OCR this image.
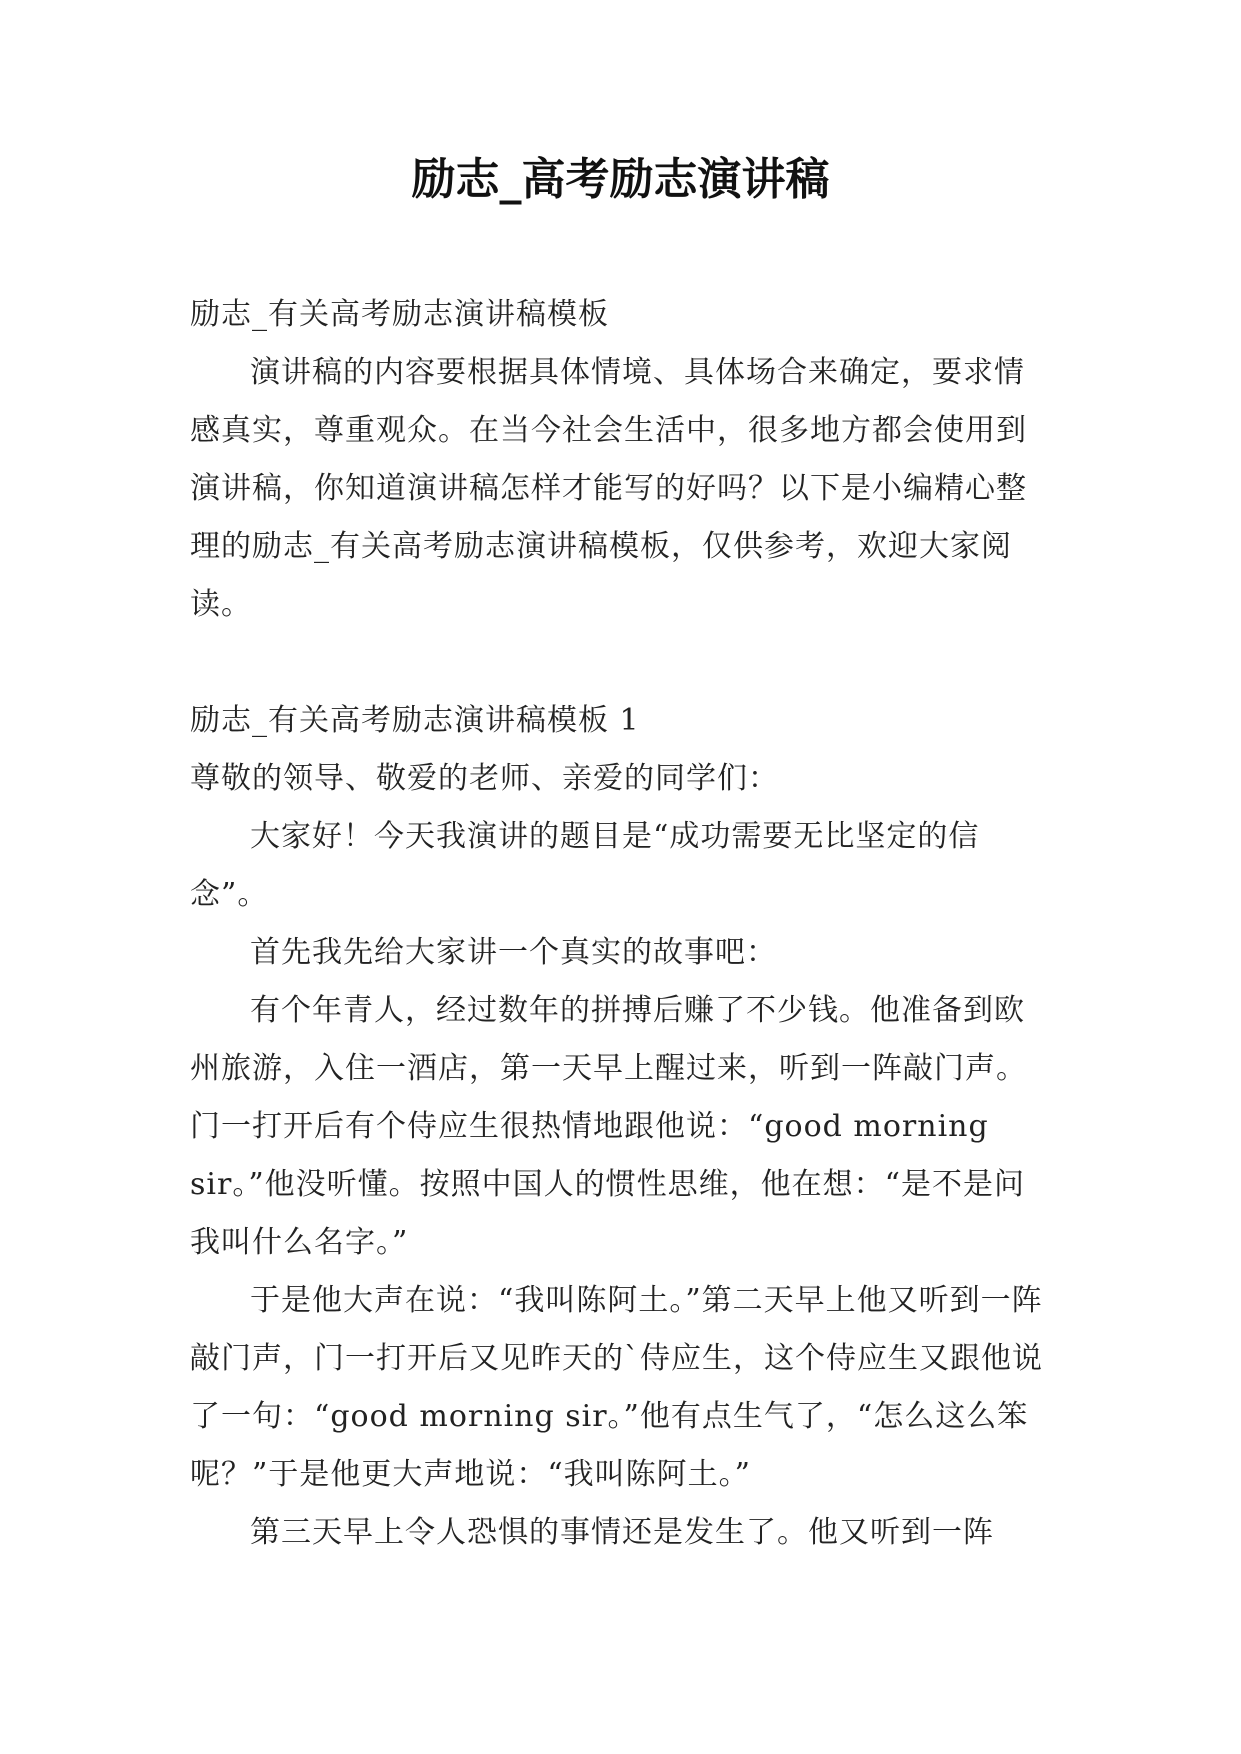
励志_高考励志演讲稿

励志_有关高考励志演讲稿模板

演讲稿的内容要根据具体情境、具体场合来确定，要求情感真实，尊重观众。在当今社会生活中，很多地方都会使用到演讲稿，你知道演讲稿怎样才能写的好吗？以下是小编精心整理的励志_有关高考励志演讲稿模板，仅供参考，欢迎大家阅读。

励志_有关高考励志演讲稿模板 1

尊敬的领导、敬爱的老师、亲爱的同学们：

大家好！今天我演讲的题目是“成功需要无比坚定的信念”。

首先我先给大家讲一个真实的故事吧：

有个年青人，经过数年的拼搏后赚了不少钱。他准备到欧州旅游，入住一酒店，第一天早上醒过来，听到一阵敲门声。门一打开后有个侍应生很热情地跟他说：“good morning sir。”他没听懂。按照中国人的惯性思维，他在想：“是不是问我叫什么名字。”

于是他大声在说：“我叫陈阿土。”第二天早上他又听到一阵敲门声，门一打开后又见昨天的`侍应生，这个侍应生又跟他说了一句：“good morning sir。”他有点生气了，“怎么这么笨呢？”于是他更大声地说：“我叫陈阿土。”

第三天早上令人恐惧的事情还是发生了。他又听到一阵
